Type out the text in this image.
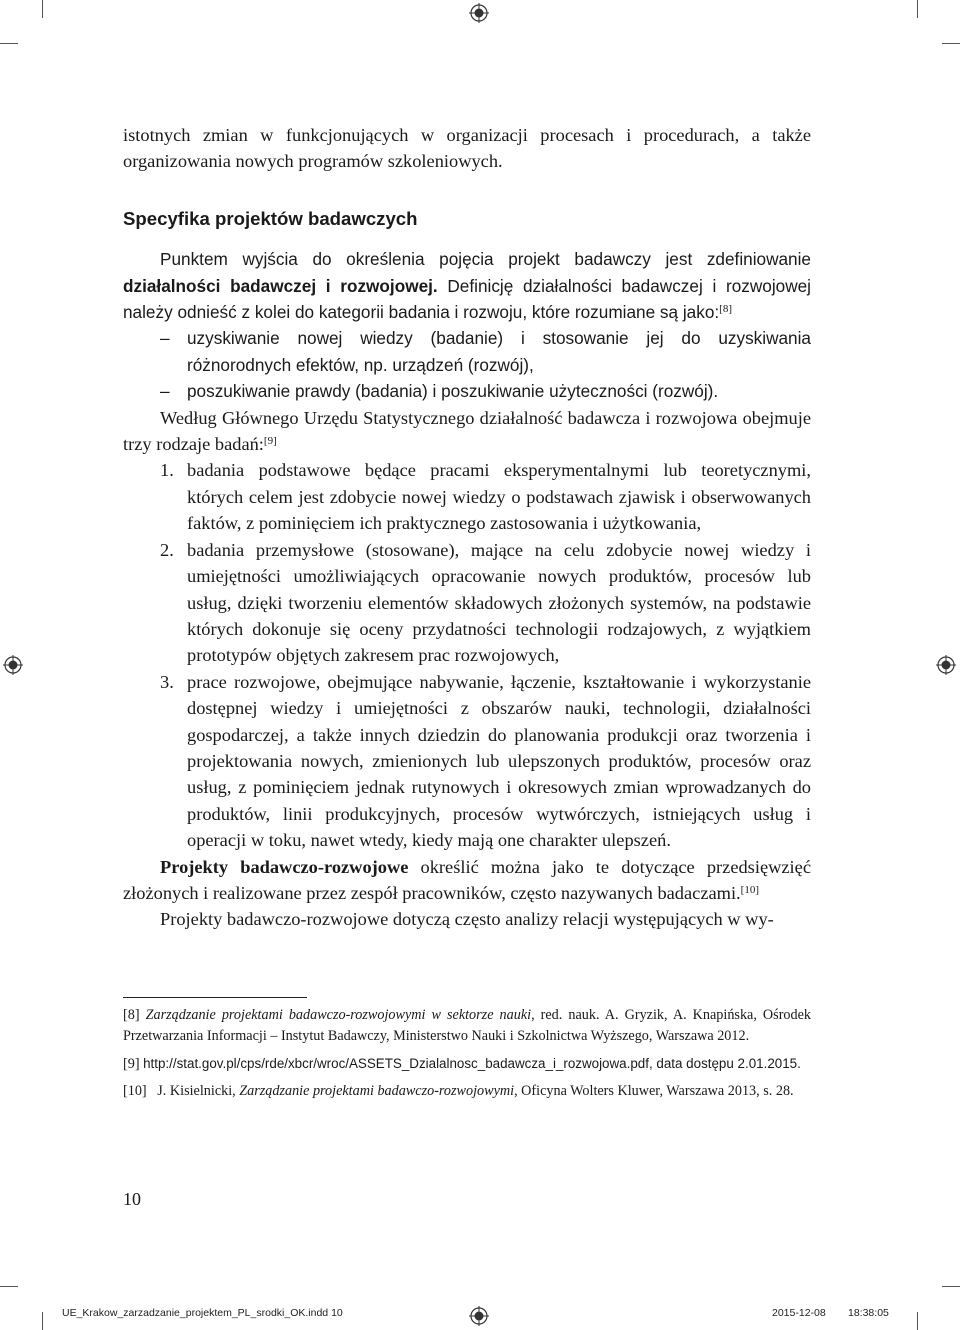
istotnych zmian w funkcjonujących w organizacji procesach i procedurach, a także organizowania nowych programów szkoleniowych.

Specyfika projektów badawczych

Punktem wyjścia do określenia pojęcia projekt badawczy jest zdefiniowanie działalności badawczej i rozwojowej. Definicję działalności badawczej i rozwojowej należy odnieść z kolei do kategorii badania i rozwoju, które rozumiane są jako:[8]

– uzyskiwanie nowej wiedzy (badanie) i stosowanie jej do uzyskiwania różnorodnych efektów, np. urządzeń (rozwój),
– poszukiwanie prawdy (badania) i poszukiwanie użyteczności (rozwój).

Według Głównego Urzędu Statystycznego działalność badawcza i rozwojowa obejmuje trzy rodzaje badań:[9]

1. badania podstawowe będące pracami eksperymentalnymi lub teoretycznymi, których celem jest zdobycie nowej wiedzy o podstawach zjawisk i obserwowanych faktów, z pominięciem ich praktycznego zastosowania i użytkowania,
2. badania przemysłowe (stosowane), mające na celu zdobycie nowej wiedzy i umiejętności umożliwiających opracowanie nowych produktów, procesów lub usług, dzięki tworzeniu elementów składowych złożonych systemów, na podstawie których dokonuje się oceny przydatności technologii rodzajowych, z wyjątkiem prototypów objętych zakresem prac rozwojowych,
3. prace rozwojowe, obejmujące nabywanie, łączenie, kształtowanie i wykorzystanie dostępnej wiedzy i umiejętności z obszarów nauki, technologii, działalności gospodarczej, a także innych dziedzin do planowania produkcji oraz tworzenia i projektowania nowych, zmienionych lub ulepszonych produktów, procesów oraz usług, z pominięciem jednak rutynowych i okresowych zmian wprowadzanych do produktów, linii produkcyjnych, procesów wytwórczych, istniejących usług i operacji w toku, nawet wtedy, kiedy mają one charakter ulepszeń.

Projekty badawczo-rozwojowe określić można jako te dotyczące przedsięwzięć złożonych i realizowane przez zespół pracowników, często nazywanych badaczami.[10]

Projekty badawczo-rozwojowe dotyczą często analizy relacji występujących w wy-

[8] Zarządzanie projektami badawczo-rozwojowymi w sektorze nauki, red. nauk. A. Gryzik, A. Knapińska, Ośrodek Przetwarzania Informacji – Instytut Badawczy, Ministerstwo Nauki i Szkolnictwa Wyższego, Warszawa 2012.

[9] http://stat.gov.pl/cps/rde/xbcr/wroc/ASSETS_Dzialalnosc_badawcza_i_rozwojowa.pdf, data dostępu 2.01.2015.

[10] J. Kisielnicki, Zarządzanie projektami badawczo-rozwojowymi, Oficyna Wolters Kluwer, Warszawa 2013, s. 28.

10
UE_Krakow_zarzadzanie_projektem_PL_srodki_OK.indd 10	2015-12-08 18:38:05
